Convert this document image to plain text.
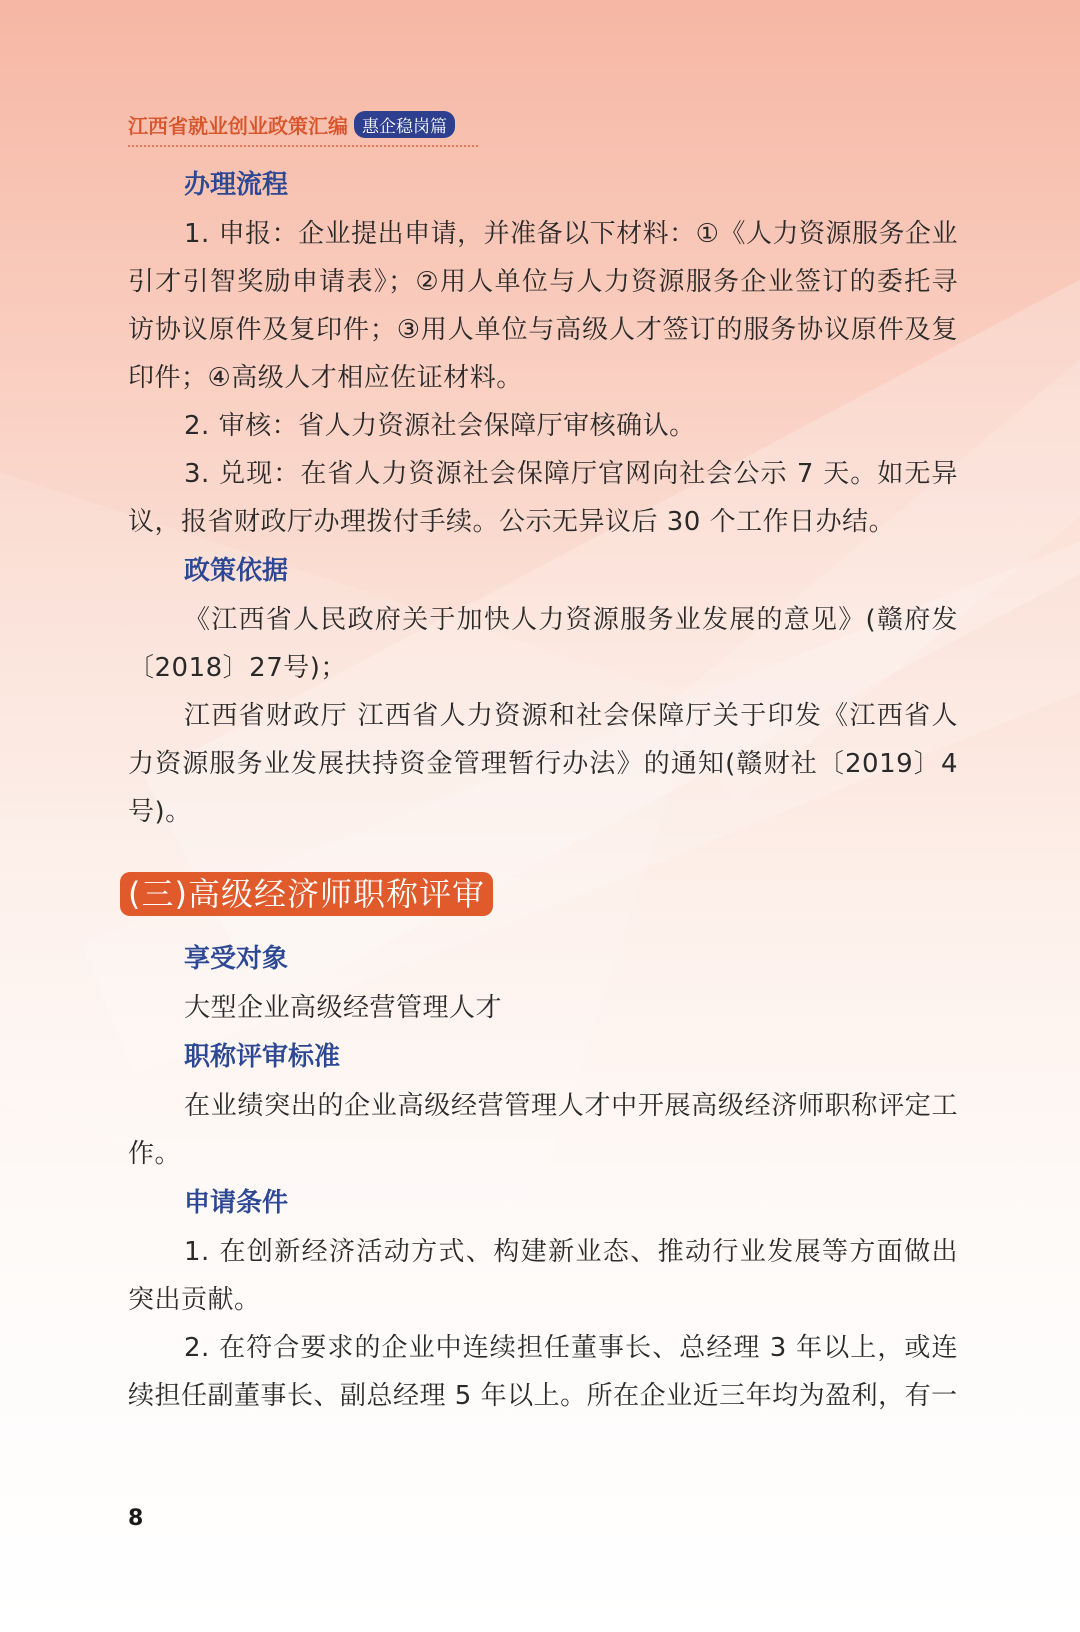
江西省就业创业政策汇编 惠企稳岗篇

办理流程

1. 申报：企业提出申请，并准备以下材料：①《人力资源服务企业引才引智奖励申请表》；②用人单位与人力资源服务企业签订的委托寻访协议原件及复印件；③用人单位与高级人才签订的服务协议原件及复印件；④高级人才相应佐证材料。

2. 审核：省人力资源社会保障厅审核确认。

3. 兑现：在省人力资源社会保障厅官网向社会公示 7 天。如无异议，报省财政厅办理拨付手续。公示无异议后 30 个工作日办结。

政策依据

《江西省人民政府关于加快人力资源服务业发展的意见》(赣府发〔2018〕27号)；

江西省财政厅 江西省人力资源和社会保障厅关于印发《江西省人力资源服务业发展扶持资金管理暂行办法》的通知(赣财社〔2019〕4号)。

(三)高级经济师职称评审

享受对象

大型企业高级经营管理人才

职称评审标准

在业绩突出的企业高级经营管理人才中开展高级经济师职称评定工作。

申请条件

1. 在创新经济活动方式、构建新业态、推动行业发展等方面做出突出贡献。

2. 在符合要求的企业中连续担任董事长、总经理 3 年以上，或连续担任副董事长、副总经理 5 年以上。所在企业近三年均为盈利，有一

8
